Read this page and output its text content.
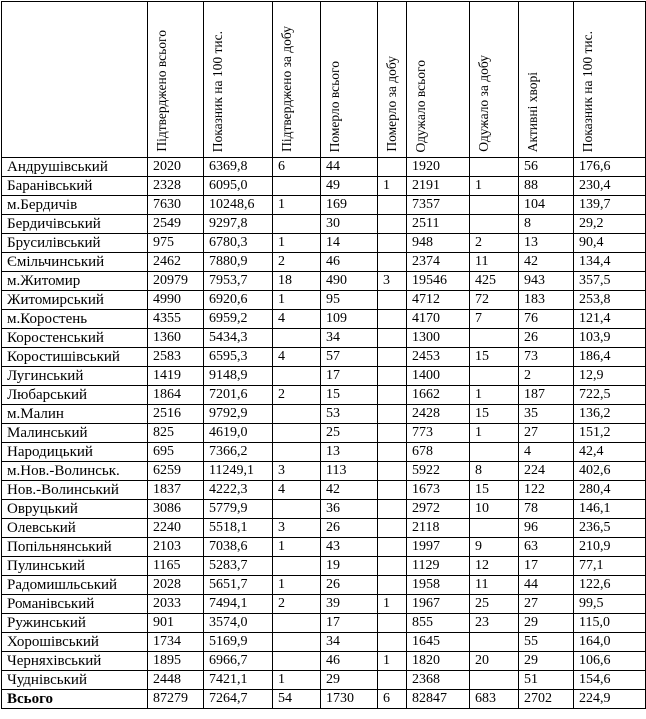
	Підтверджено всього	Показник на 100 тис.	Підтверджено за добу	Померло всього	Померло за добу	Одужало всього	Одужало за добу	Активні хворі	Показник на 100 тис.

Андрушівський	2020	6369,8	6	44		1920		56	176,6
Баранівський	2328	6095,0		49	1	2191	1	88	230,4
м.Бердичів	7630	10248,6	1	169		7357		104	139,7
Бердичівський	2549	9297,8		30		2511		8	29,2
Брусилівський	975	6780,3	1	14		948	2	13	90,4
Ємільчинський	2462	7880,9	2	46		2374	11	42	134,4
м.Житомир	20979	7953,7	18	490	3	19546	425	943	357,5
Житомирський	4990	6920,6	1	95		4712	72	183	253,8
м.Коростень	4355	6959,2	4	109		4170	7	76	121,4
Коростенський	1360	5434,3		34		1300		26	103,9
Коростишівський	2583	6595,3	4	57		2453	15	73	186,4
Лугинський	1419	9148,9		17		1400		2	12,9
Любарський	1864	7201,6	2	15		1662	1	187	722,5
м.Малин	2516	9792,9		53		2428	15	35	136,2
Малинський	825	4619,0		25		773	1	27	151,2
Народицький	695	7366,2		13		678		4	42,4
м.Нов.-Волинськ.	6259	11249,1	3	113		5922	8	224	402,6
Нов.-Волинський	1837	4222,3	4	42		1673	15	122	280,4
Овруцький	3086	5779,9		36		2972	10	78	146,1
Олевський	2240	5518,1	3	26		2118		96	236,5
Попільнянський	2103	7038,6	1	43		1997	9	63	210,9
Пулинський	1165	5283,7		19		1129	12	17	77,1
Радомишльський	2028	5651,7	1	26		1958	11	44	122,6
Романівський	2033	7494,1	2	39	1	1967	25	27	99,5
Ружинський	901	3574,0		17		855	23	29	115,0
Хорошівський	1734	5169,9		34		1645		55	164,0
Черняхівський	1895	6966,7		46	1	1820	20	29	106,6
Чуднівський	2448	7421,1	1	29		2368		51	154,6
Всього	87279	7264,7	54	1730	6	82847	683	2702	224,9
